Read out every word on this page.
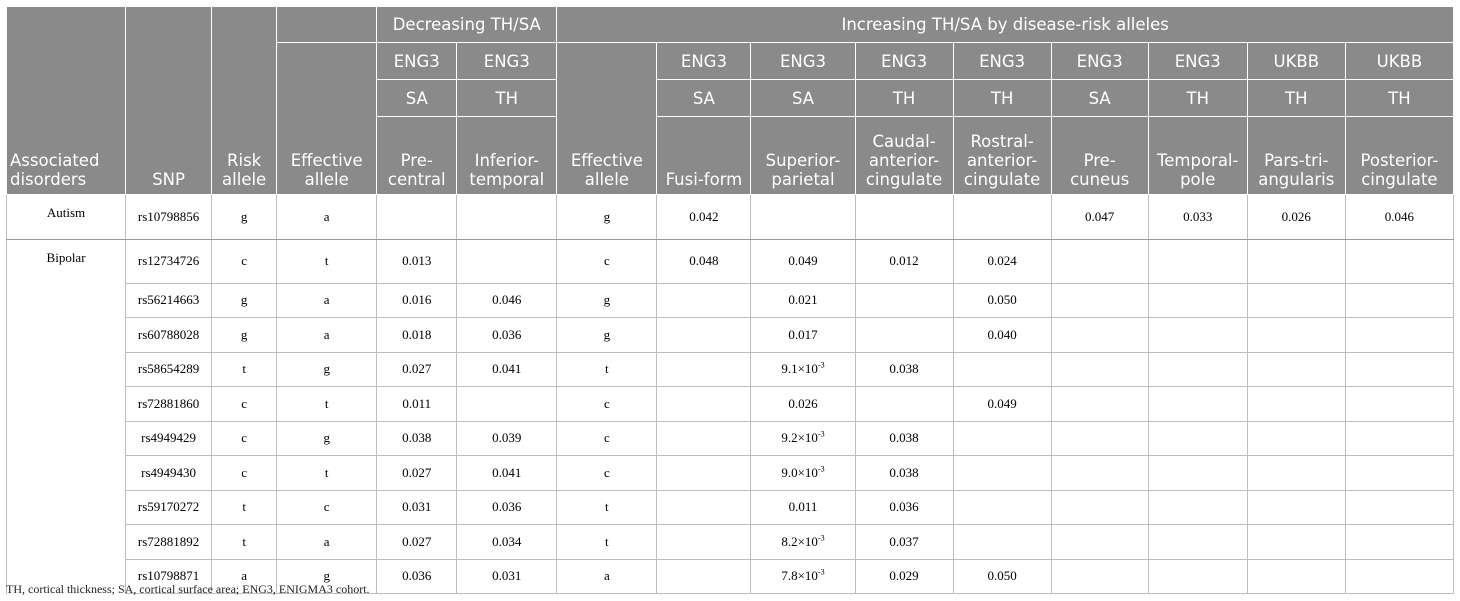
Associated disorders	SNP	Risk allele		Decreasing TH/SA		Increasing TH/SA by disease-risk alleles								
			Effective allele	ENG3	ENG3	Effective allele	ENG3	ENG3	ENG3	ENG3	ENG3	ENG3	UKBB	UKBB
				SA	TH		SA	SA	TH	TH	SA	TH	TH	TH
				Pre-central	Inferior-temporal		Fusi-form	Superior-parietal	Caudal-anterior-cingulate	Rostral-anterior-cingulate	Pre-cuneus	Temporal-pole	Pars-tri-angularis	Posterior-cingulate
Autism	rs10798856	g	a			g	0.042				0.047	0.033	0.026	0.046
Bipolar	rs12734726	c	t	0.013		c	0.048	0.049	0.012	0.024				
	rs56214663	g	a	0.016	0.046	g		0.021		0.050				
	rs60788028	g	a	0.018	0.036	g		0.017		0.040				
	rs58654289	t	g	0.027	0.041	t		$9.1\times 10^{-3}$	0.038					
	rs72881860	c	t	0.011		c		0.026		0.049				
	rs4949429	c	g	0.038	0.039	c		$9.2\times 10^{-3}$	0.038					
	rs4949430	c	t	0.027	0.041	c		$9.0\times 10^{-3}$	0.038					
	rs59170272	t	c	0.031	0.036	t		0.011	0.036					
	rs72881892	t	a	0.027	0.034	t		$8.2\times 10^{-3}$	0.037					
	rs10798871	a	g	0.036	0.031	a		$7.8\times 10^{-3}$	0.029	0.050				
TH, cortical thickness; SA, cortical surface area; ENG3, ENIGMA3 cohort.
